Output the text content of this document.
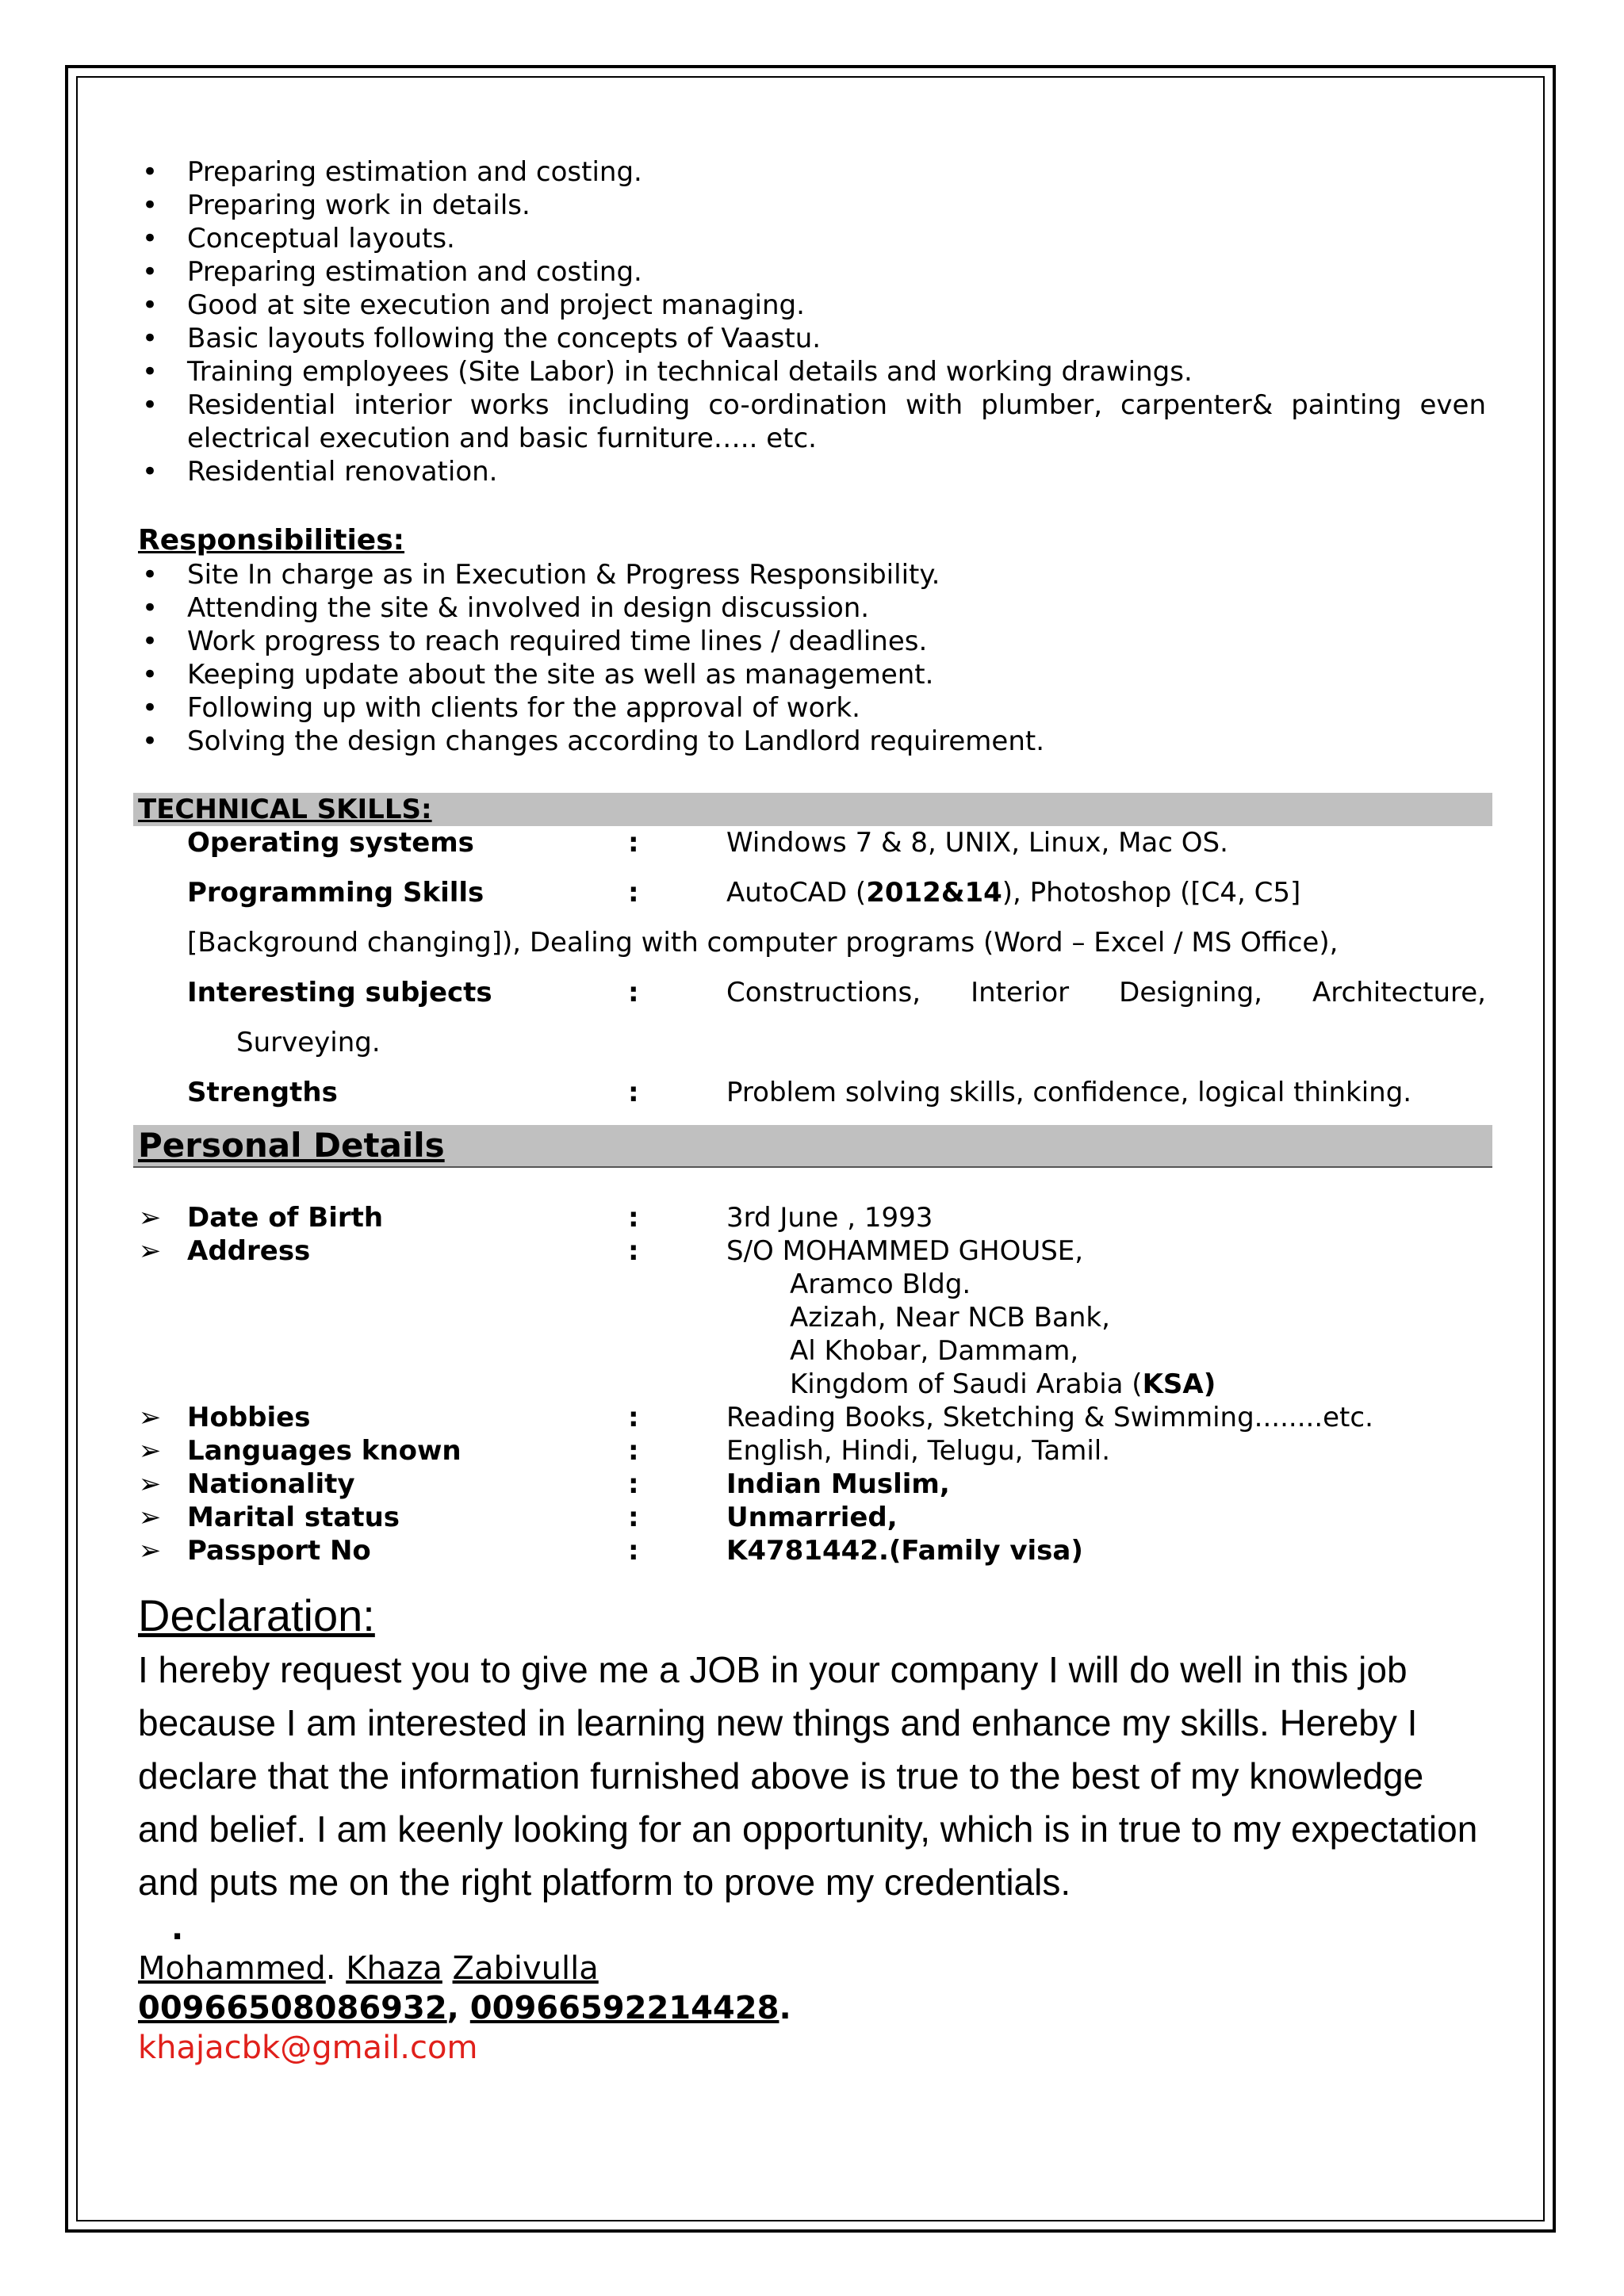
• Preparing estimation and costing.
• Preparing work in details.
• Conceptual layouts.
• Preparing estimation and costing.
• Good at site execution and project managing.
• Basic layouts following the concepts of Vaastu.
• Training employees (Site Labor) in technical details and working drawings.
• Residential interior works including co-ordination with plumber, carpenter& painting even
electrical execution and basic furniture….. etc.
• Residential renovation.
Responsibilities:
• Site In charge as in Execution & Progress Responsibility.
• Attending the site & involved in design discussion.
• Work progress to reach required time lines / deadlines.
• Keeping update about the site as well as management.
• Following up with clients for the approval of work.
• Solving the design changes according to Landlord requirement.
TECHNICAL SKILLS:
Operating systems	:	Windows 7 & 8, UNIX, Linux, Mac OS.
Programming Skills	:	AutoCAD (2012&14), Photoshop ([C4, C5]
[Background changing]), Dealing with computer programs (Word – Excel / MS Office),
Interesting subjects	:	Constructions, Interior Designing, Architecture,
Surveying.
Strengths	:	Problem solving skills, confidence, logical thinking.
Personal Details
➢ Date of Birth	:	3rd June , 1993
➢ Address	:	S/O MOHAMMED GHOUSE,
Aramco Bldg.
Azizah, Near NCB Bank,
Al Khobar, Dammam,
Kingdom of Saudi Arabia (KSA)
➢ Hobbies	:	Reading Books, Sketching & Swimming........etc.
➢ Languages known	:	English, Hindi, Telugu, Tamil.
➢ Nationality	:	Indian Muslim,
➢ Marital status	:	Unmarried,
➢ Passport No	:	K4781442.(Family visa)
Declaration:
I hereby request you to give me a JOB in your company I will do well in this job because I am interested in learning new things and enhance my skills. Hereby I declare that the information furnished above is true to the best of my knowledge and belief. I am keenly looking for an opportunity, which is in true to my expectation and puts me on the right platform to prove my credentials.
.
Mohammed. Khaza Zabivulla
00966508086932, 00966592214428.
khajacbk@gmail.com
